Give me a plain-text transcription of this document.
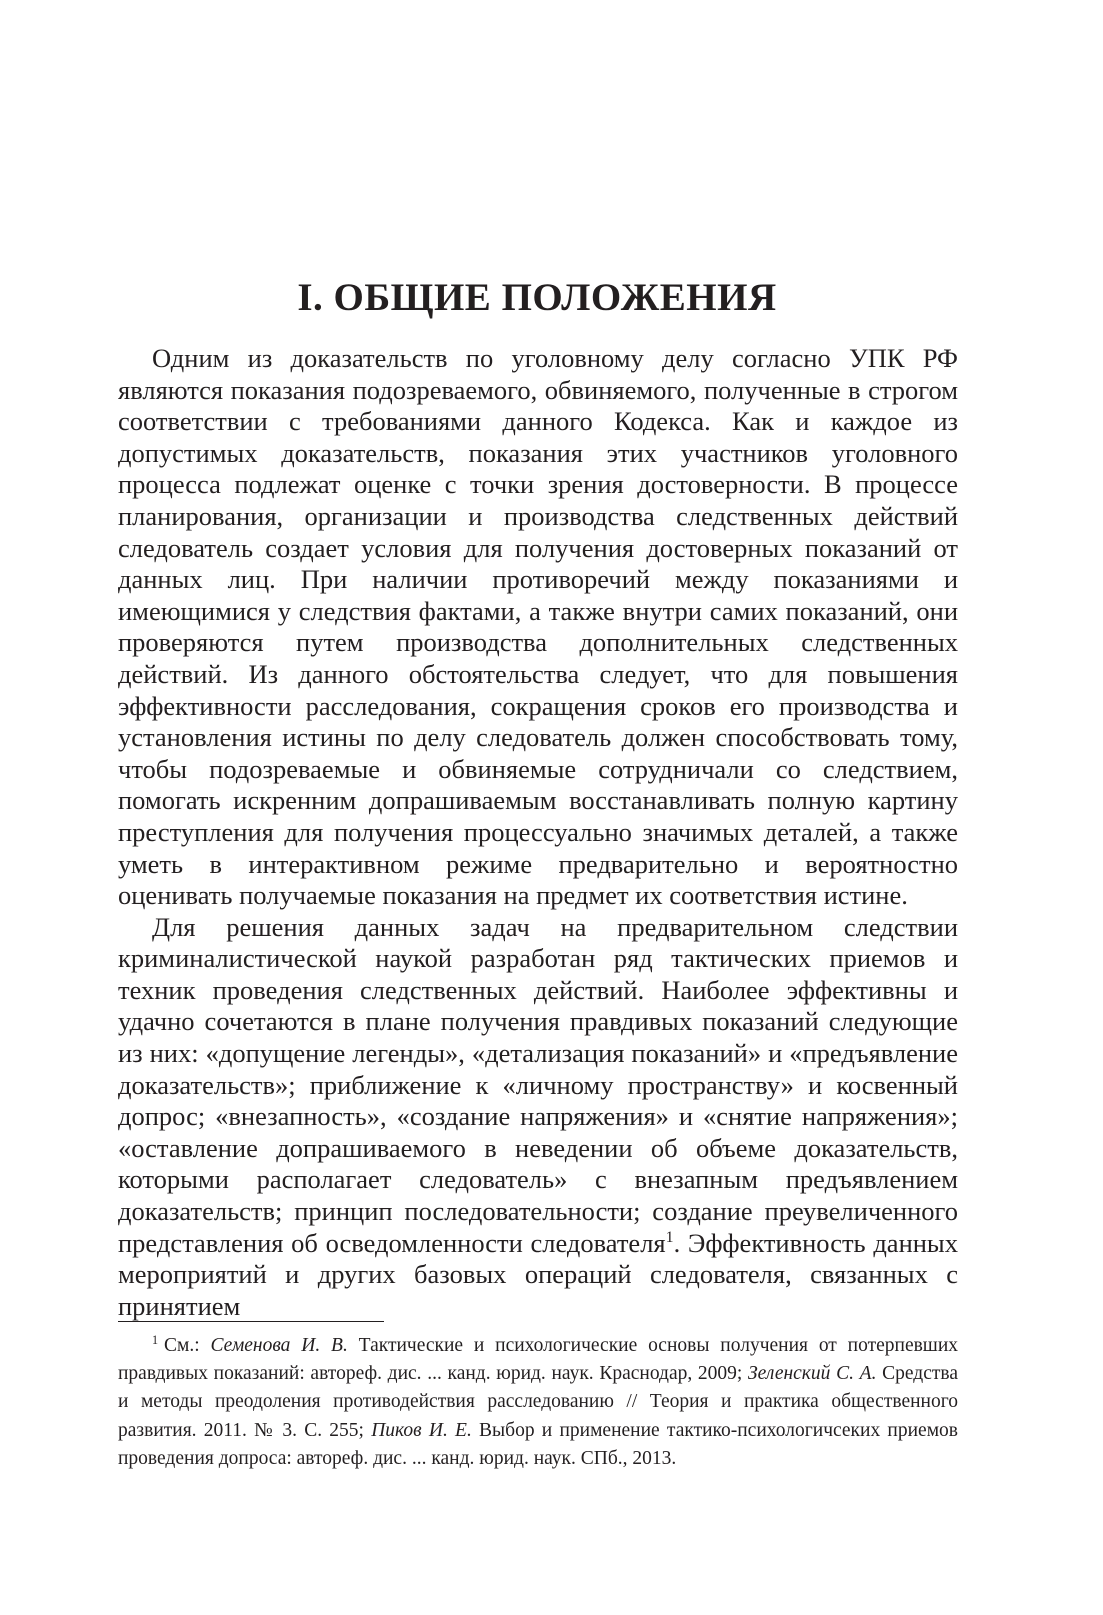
I. ОБЩИЕ ПОЛОЖЕНИЯ

Одним из доказательств по уголовному делу согласно УПК РФ являются показания подозреваемого, обвиняемого, полученные в строгом соответствии с требованиями данного Кодекса. Как и каждое из допустимых доказательств, показания этих участников уголовного процесса подлежат оценке с точки зрения достоверности. В процессе планирования, организации и производства следственных действий следователь создает условия для получения достоверных показаний от данных лиц. При наличии противоречий между показаниями и имеющимися у следствия фактами, а также внутри самих показаний, они проверяются путем производства дополнительных следственных действий. Из данного обстоятельства следует, что для повышения эффективности расследования, сокращения сроков его производства и установления истины по делу следователь должен способствовать тому, чтобы подозреваемые и обвиняемые сотрудничали со следствием, помогать искренним допрашиваемым восстанавливать полную картину преступления для получения процессуально значимых деталей, а также уметь в интерактивном режиме предварительно и вероятностно оценивать получаемые показания на предмет их соответствия истине.

Для решения данных задач на предварительном следствии криминалистической наукой разработан ряд тактических приемов и техник проведения следственных действий. Наиболее эффективны и удачно сочетаются в плане получения правдивых показаний следующие из них: «допущение легенды», «детализация показаний» и «предъявление доказательств»; приближение к «личному пространству» и косвенный допрос; «внезапность», «создание напряжения» и «снятие напряжения»; «оставление допрашиваемого в неведении об объеме доказательств, которыми располагает следователь» с внезапным предъявлением доказательств; принцип последовательности; создание преувеличенного представления об осведомленности следователя$^1$. Эффективность данных мероприятий и других базовых операций следователя, связанных с принятием

$^1$ См.: Семенова И. В. Тактические и психологические основы получения от потерпевших правдивых показаний: автореф. дис. ... канд. юрид. наук. Краснодар, 2009; Зеленский С. А. Средства и методы преодоления противодействия расследованию // Теория и практика общественного развития. 2011. № 3. С. 255; Пиков И. Е. Выбор и применение тактико-психологичсеких приемов проведения допроса: автореф. дис. ... канд. юрид. наук. СПб., 2013.
